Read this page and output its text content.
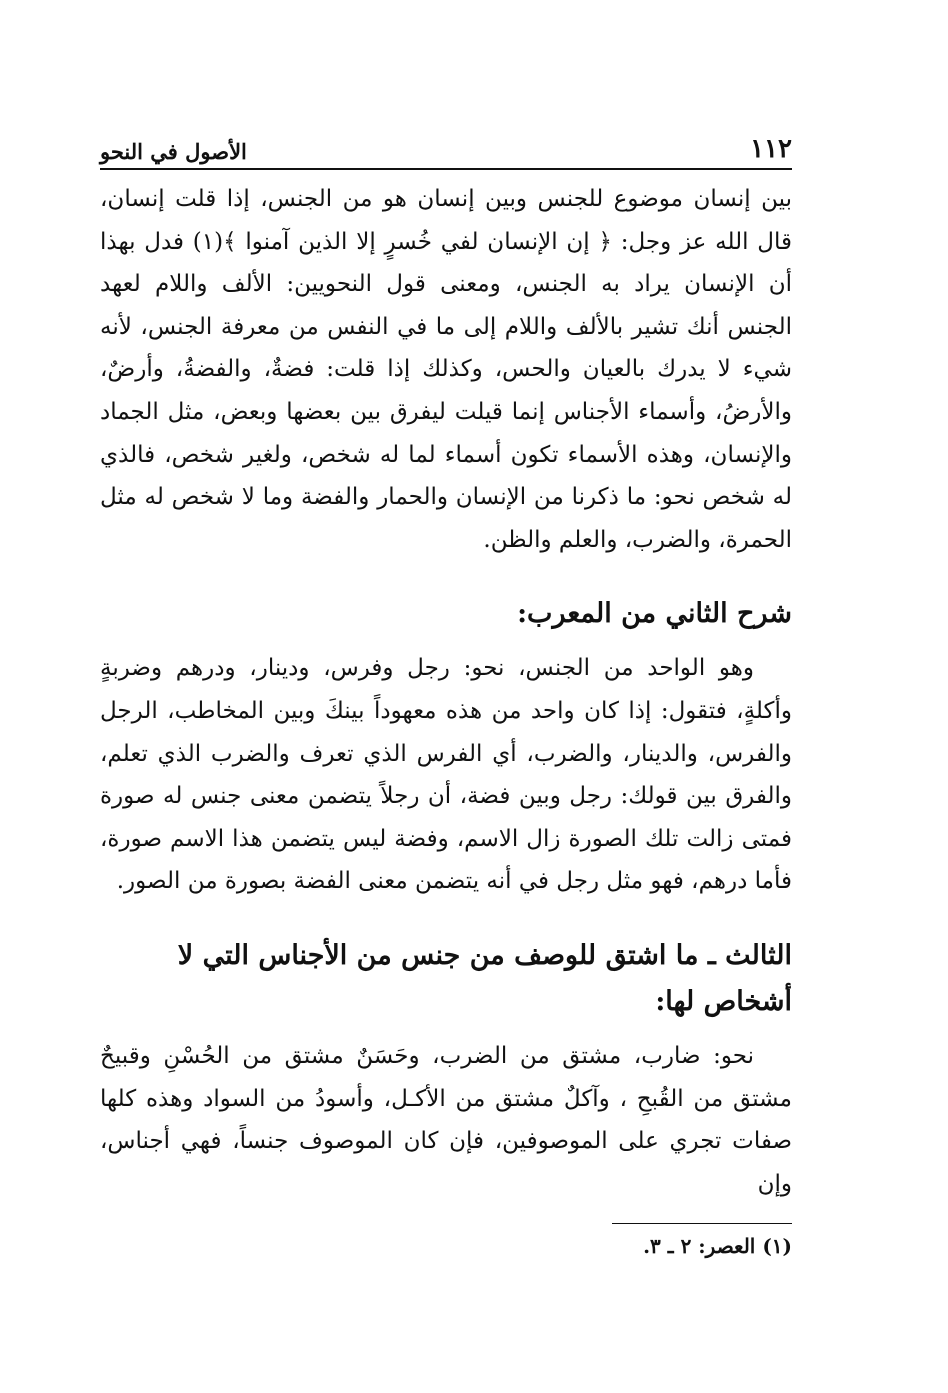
١١٢
الأصول في النحو

بين إنسان موضوع للجنس وبين إنسان هو من الجنس، إذا قلت إنسان، قال الله عز وجل: ﴿ إن الإنسان لفي خُسرٍ إلا الذين آمنوا ﴾(١) فدل بهذا أن الإنسان يراد به الجنس، ومعنى قول النحويين: الألف واللام لعهد الجنس أنك تشير بالألف واللام إلى ما في النفس من معرفة الجنس، لأنه شيء لا يدرك بالعيان والحس، وكذلك إذا قلت: فضةٌ، والفضةُ، وأرضٌ، والأرضُ، وأسماء الأجناس إنما قيلت ليفرق بين بعضها وبعض، مثل الجماد والإنسان، وهذه الأسماء تكون أسماء لما له شخص، ولغير شخص، فالذي له شخص نحو: ما ذكرنا من الإنسان والحمار والفضة وما لا شخص له مثل الحمرة، والضرب، والعلم والظن.

شرح الثاني من المعرب:

وهو الواحد من الجنس، نحو: رجل وفرس، ودينار، ودرهم وضربةٍ وأكلةٍ، فتقول: إذا كان واحد من هذه معهوداً بينكَ وبين المخاطب، الرجل والفرس، والدينار، والضرب، أي الفرس الذي تعرف والضرب الذي تعلم، والفرق بين قولك: رجل وبين فضة، أن رجلاً يتضمن معنى جنس له صورة فمتى زالت تلك الصورة زال الاسم، وفضة ليس يتضمن هذا الاسم صورة، فأما درهم، فهو مثل رجل في أنه يتضمن معنى الفضة بصورة من الصور.

الثالث ـ ما اشتق للوصف من جنس من الأجناس التي لا أشخاص لها:

نحو: ضارب، مشتق من الضرب، وحَسَنٌ مشتق من الحُسْنِ وقبيحٌ مشتق من القُبحِ ، وآكلٌ مشتق من الأكـل، وأسودُ من السواد وهذه كلها صفات تجري على الموصوفين، فإن كان الموصوف جنساً، فهي أجناس، وإن

(١) العصر: ٢ ـ ٣.
